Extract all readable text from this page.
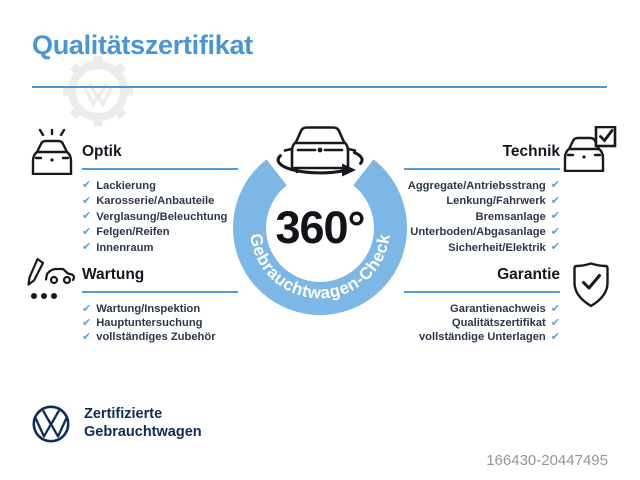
Qualitätszertifikat
Optik
✔ Lackierung
✔ Karosserie/Anbauteile
✔ Verglasung/Beleuchtung
✔ Felgen/Reifen
✔ Innenraum
Technik
Aggregate/Antriebsstrang ✔
Lenkung/Fahrwerk ✔
Bremsanlage ✔
Unterboden/Abgasanlage ✔
Sicherheit/Elektrik ✔
Wartung
✔ Wartung/Inspektion
✔ Hauptuntersuchung
✔ vollständiges Zubehör
Garantie
Garantienachweis ✔
Qualitätszertifikat ✔
vollständige Unterlagen ✔
360°
Gebrauchtwagen-Check
Zertifizierte
Gebrauchtwagen
166430-20447495
